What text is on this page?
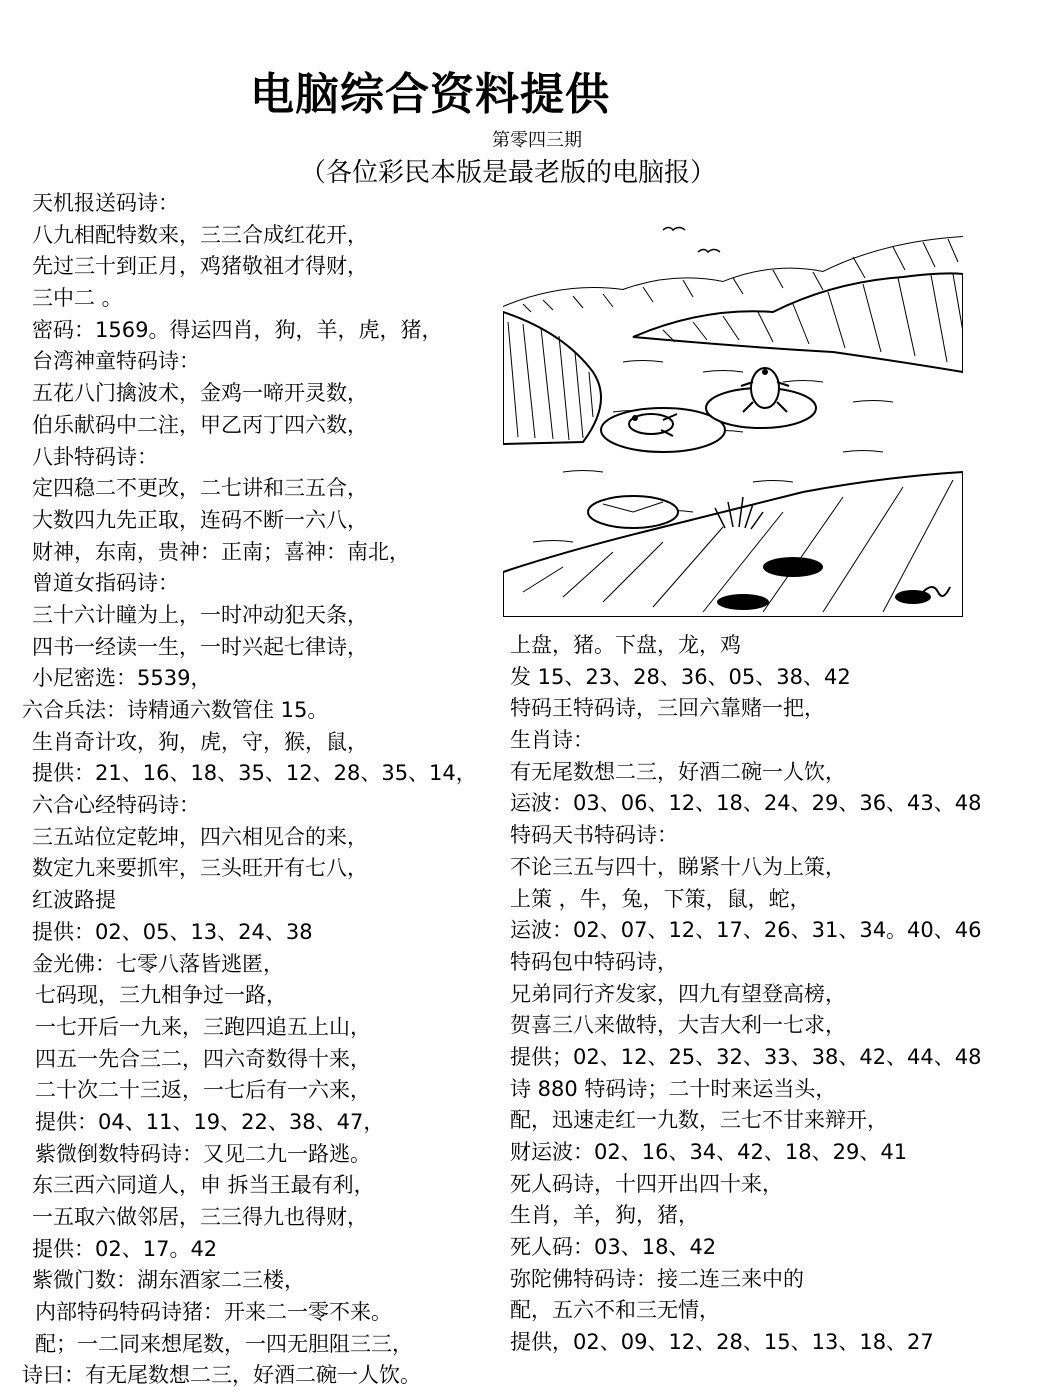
电脑综合资料提供
第零四三期
（各位彩民本版是最老版的电脑报）
天机报送码诗：
八九相配特数来，三三合成红花开，
先过三十到正月，鸡猪敬祖才得财，
三中二 。
密码：1569。得运四肖，狗，羊，虎，猪，
台湾神童特码诗：
五花八门擒波术，金鸡一啼开灵数，
伯乐献码中二注，甲乙丙丁四六数，
八卦特码诗：
定四稳二不更改，二七讲和三五合，
大数四九先正取，连码不断一六八，
财神，东南，贵神：正南；喜神：南北，
曾道女指码诗：
三十六计瞳为上，一时冲动犯天条，
四书一经读一生，一时兴起七律诗，
小尼密选：5539，
六合兵法：诗精通六数管住 15。
生肖奇计攻，狗，虎，守，猴，鼠，
提供：21、16、18、35、12、28、35、14，
六合心经特码诗：
三五站位定乾坤，四六相见合的来，
数定九来要抓牢，三头旺开有七八，
红波路提
提供：02、05、13、24、38
金光佛：七零八落皆逃匿，
七码现，三九相争过一路，
一七开后一九来，三跑四追五上山，
四五一先合三二，四六奇数得十来，
二十次二十三返，一七后有一六来，
提供：04、11、19、22、38、47，
紫微倒数特码诗：又见二九一路逃。
东三西六同道人，申 拆当王最有利，
一五取六做邻居，三三得九也得财，
提供：02、17。42
紫微门数：湖东酒家二三楼，
内部特码特码诗猪：开来二一零不来。
配；一二同来想尾数，一四无胆阻三三，
诗曰：有无尾数想二三，好酒二碗一人饮。
上盘，猪。下盘，龙，鸡
发 15、23、28、36、05、38、42
特码王特码诗，三回六靠赌一把，
生肖诗：
有无尾数想二三，好酒二碗一人饮，
运波：03、06、12、18、24、29、36、43、48
特码天书特码诗：
不论三五与四十，睇紧十八为上策，
上策 ，牛，兔，下策，鼠，蛇，
运波：02、07、12、17、26、31、34。40、46
特码包中特码诗，
兄弟同行齐发家，四九有望登高榜，
贺喜三八来做特，大吉大利一七求，
提供；02、12、25、32、33、38、42、44、48
诗 880 特码诗；二十时来运当头，
配，迅速走红一九数，三七不甘来辩开，
财运波：02、16、34、42、18、29、41
死人码诗，十四开出四十来，
生肖，羊，狗，猪，
死人码：03、18、42
弥陀佛特码诗：接二连三来中的
配，五六不和三无情，
提供，02、09、12、28、15、13、18、27
